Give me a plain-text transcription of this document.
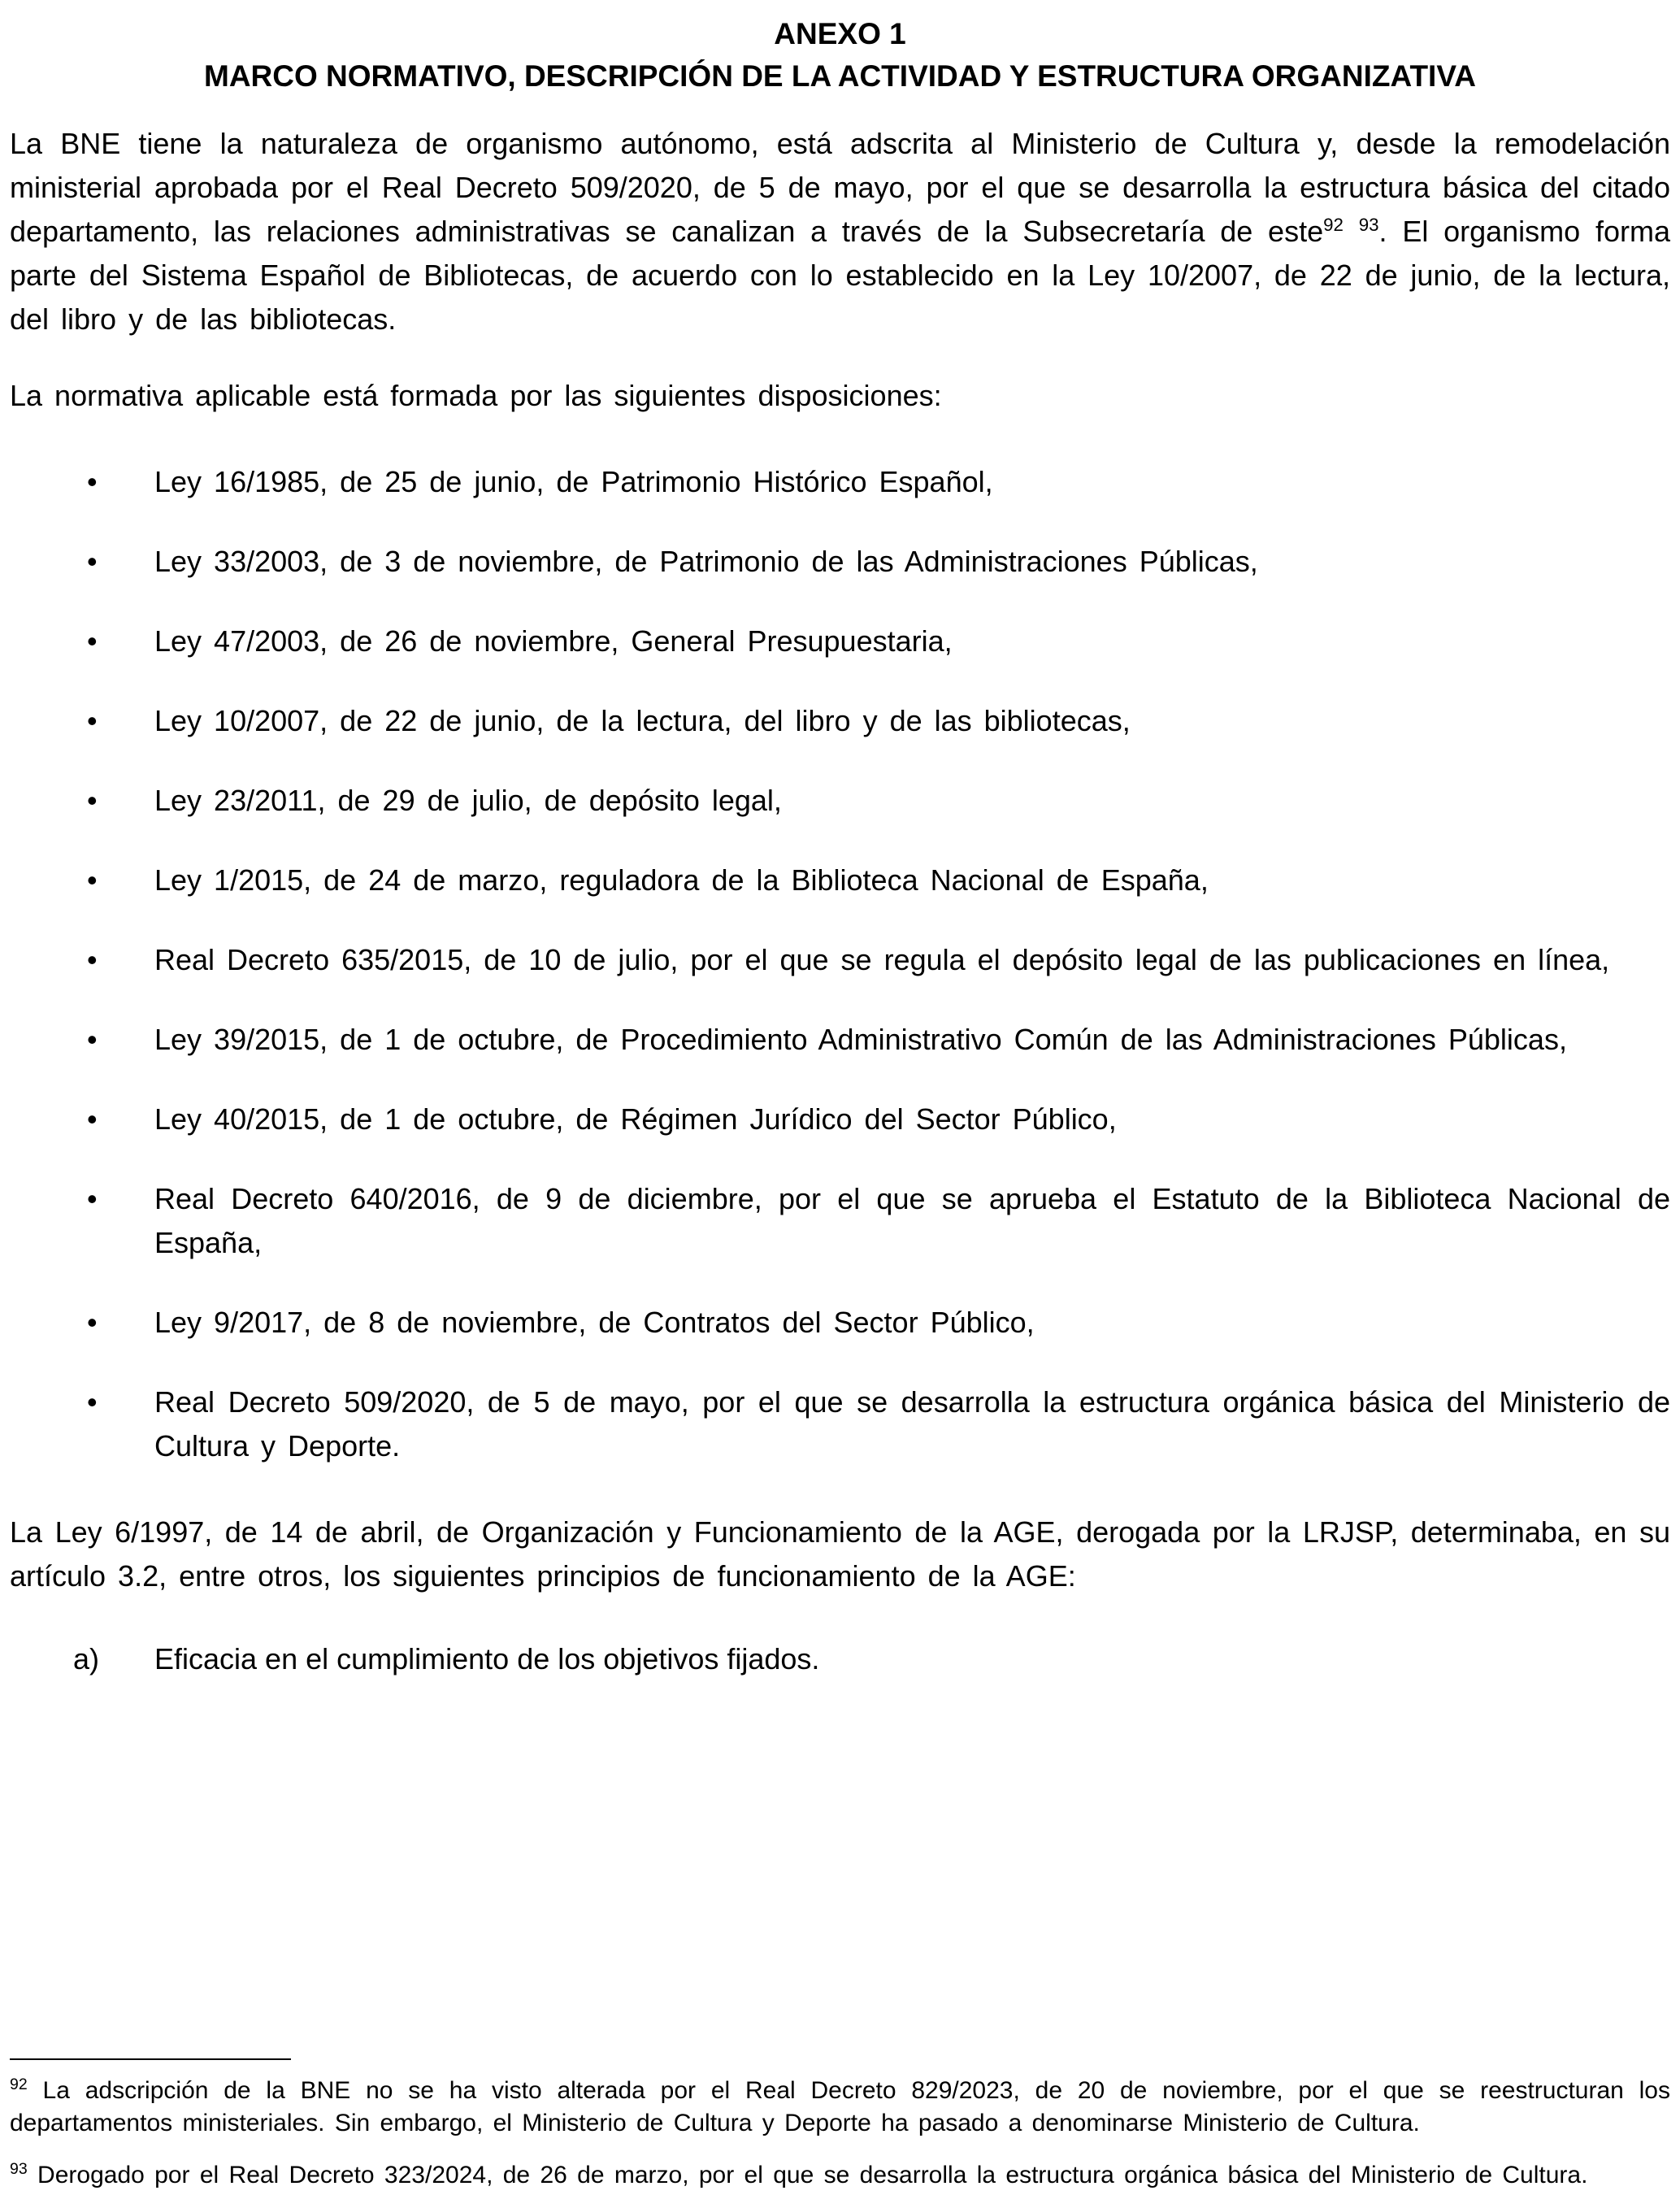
ANEXO 1
MARCO NORMATIVO, DESCRIPCIÓN DE LA ACTIVIDAD Y ESTRUCTURA ORGANIZATIVA

La BNE tiene la naturaleza de organismo autónomo, está adscrita al Ministerio de Cultura y, desde la remodelación ministerial aprobada por el Real Decreto 509/2020, de 5 de mayo, por el que se desarrolla la estructura básica del citado departamento, las relaciones administrativas se canalizan a través de la Subsecretaría de este$^{92}$ $^{93}$. El organismo forma parte del Sistema Español de Bibliotecas, de acuerdo con lo establecido en la Ley 10/2007, de 22 de junio, de la lectura, del libro y de las bibliotecas.

La normativa aplicable está formada por las siguientes disposiciones:

• Ley 16/1985, de 25 de junio, de Patrimonio Histórico Español,
• Ley 33/2003, de 3 de noviembre, de Patrimonio de las Administraciones Públicas,
• Ley 47/2003, de 26 de noviembre, General Presupuestaria,
• Ley 10/2007, de 22 de junio, de la lectura, del libro y de las bibliotecas,
• Ley 23/2011, de 29 de julio, de depósito legal,
• Ley 1/2015, de 24 de marzo, reguladora de la Biblioteca Nacional de España,
• Real Decreto 635/2015, de 10 de julio, por el que se regula el depósito legal de las publicaciones en línea,
• Ley 39/2015, de 1 de octubre, de Procedimiento Administrativo Común de las Administraciones Públicas,
• Ley 40/2015, de 1 de octubre, de Régimen Jurídico del Sector Público,
• Real Decreto 640/2016, de 9 de diciembre, por el que se aprueba el Estatuto de la Biblioteca Nacional de España,
• Ley 9/2017, de 8 de noviembre, de Contratos del Sector Público,
• Real Decreto 509/2020, de 5 de mayo, por el que se desarrolla la estructura orgánica básica del Ministerio de Cultura y Deporte.

La Ley 6/1997, de 14 de abril, de Organización y Funcionamiento de la AGE, derogada por la LRJSP, determinaba, en su artículo 3.2, entre otros, los siguientes principios de funcionamiento de la AGE:

a)	Eficacia en el cumplimiento de los objetivos fijados.

$^{92}$ La adscripción de la BNE no se ha visto alterada por el Real Decreto 829/2023, de 20 de noviembre, por el que se reestructuran los departamentos ministeriales. Sin embargo, el Ministerio de Cultura y Deporte ha pasado a denominarse Ministerio de Cultura.

$^{93}$ Derogado por el Real Decreto 323/2024, de 26 de marzo, por el que se desarrolla la estructura orgánica básica del Ministerio de Cultura.
